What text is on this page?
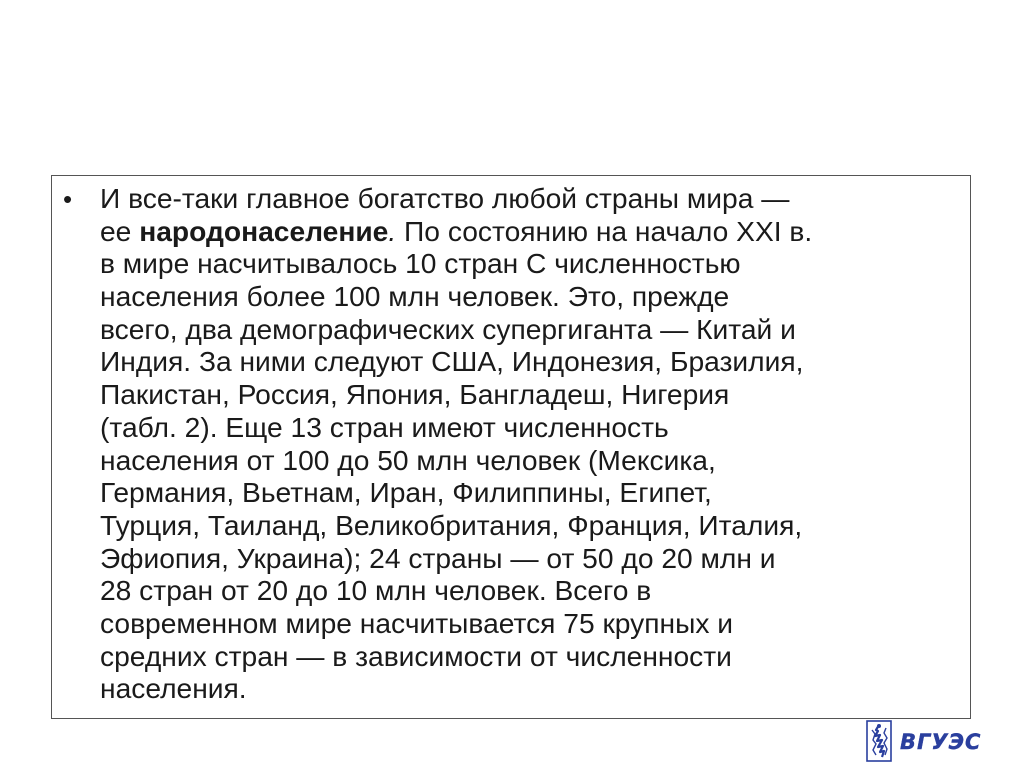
• И все-таки главное богатство любой страны мира —
ее народонаселение. По состоянию на начало XXI в.
в мире насчитывалось 10 стран С численностью
населения более 100 млн человек. Это, прежде
всего, два демографических супергиганта — Китай и
Индия. За ними следуют США, Индонезия, Бразилия,
Пакистан, Россия, Япония, Бангладеш, Нигерия
(табл. 2). Еще 13 стран имеют численность
населения от 100 до 50 млн человек (Мексика,
Германия, Вьетнам, Иран, Филиппины, Египет,
Турция, Таиланд, Великобритания, Франция, Италия,
Эфиопия, Украина); 24 страны — от 50 до 20 млн и
28 стран от 20 до 10 млн человек. Всего в
современном мире насчитывается 75 крупных и
средних стран — в зависимости от численности
населения.
ВГУЭС
